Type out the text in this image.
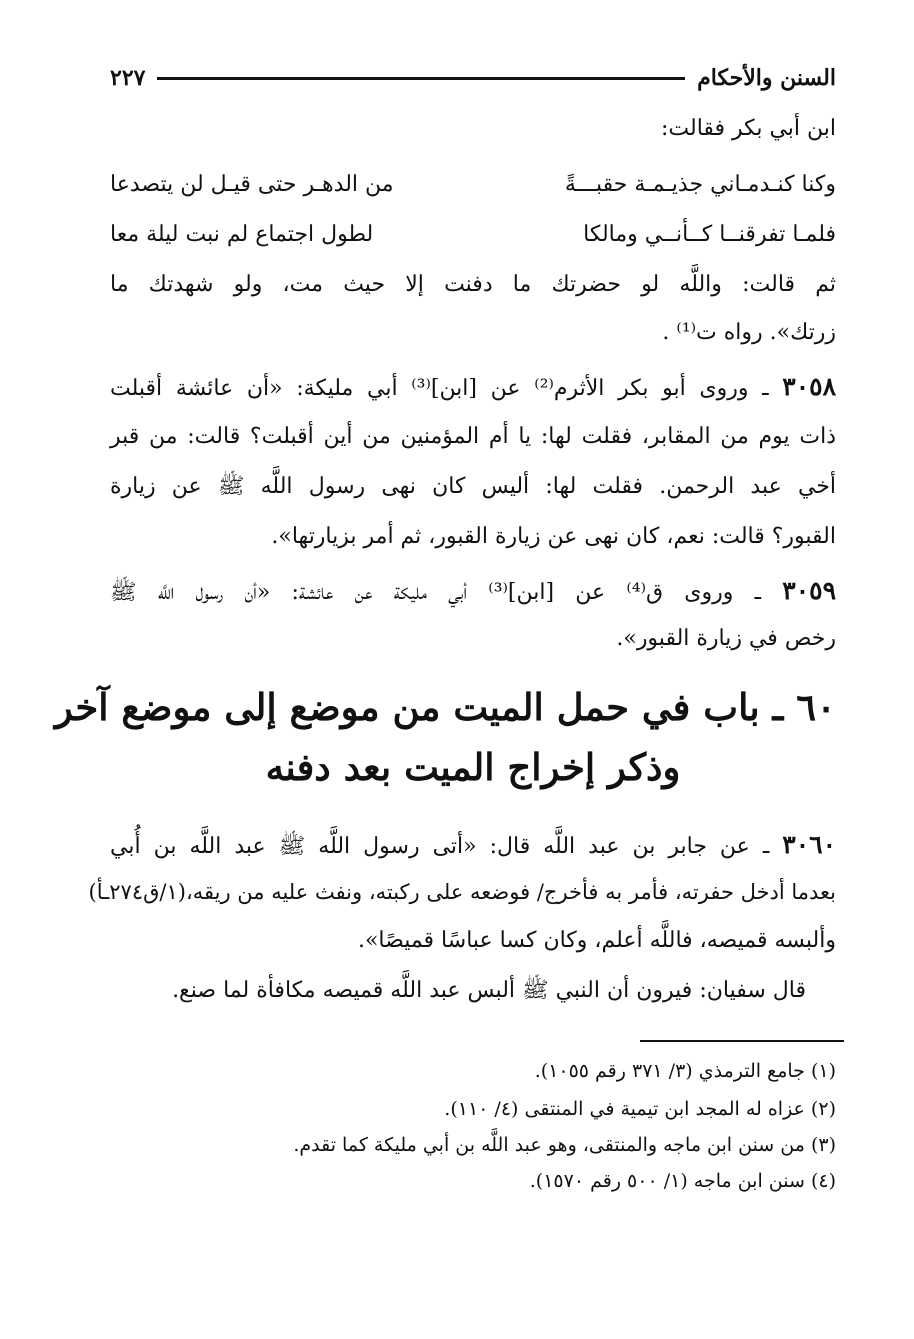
السنن والأحكام
٢٢٧
ابن أبي بكر فقالت:
وكنا كنـدمـاني جذيـمـة حقبـــةً
من الدهـر حتى قيـل لن يتصدعا
فلمـا تفرقنــا كــأنــي ومالكا
لطول اجتماع لم نبت ليلة معا
ثم قالت: واللَّه لو حضرتك ما دفنت إلا حيث مت، ولو شهدتك ما
زرتك». رواه ت⁽¹⁾ .
٣٠٥٨ ـ وروى أبو بكر الأثرم⁽²⁾ عن [ابن]⁽³⁾ أبي مليكة: «أن عائشة أقبلت
ذات يوم من المقابر، فقلت لها: يا أم المؤمنين من أين أقبلت؟ قالت: من قبر
أخي عبد الرحمن. فقلت لها: أليس كان نهى رسول اللَّه ﷺ عن زيارة
القبور؟ قالت: نعم، كان نهى عن زيارة القبور، ثم أمر بزيارتها».
٣٠٥٩ ـ وروى ق⁽⁴⁾ عن [ابن]⁽³⁾ أبي مليكة عن عائشة: «أن رسول اللَّه ﷺ
رخص في زيارة القبور».
٦٠ ـ باب في حمل الميت من موضع إلى موضع آخر
وذكر إخراج الميت بعد دفنه
٣٠٦٠ ـ عن جابر بن عبد اللَّه قال: «أتى رسول اللَّه ﷺ عبد اللَّه بن أُبي
بعدما أدخل حفرته، فأمر به فأخرج/ فوضعه على ركبته، ونفث عليه من ريقه،(١/ق٢٧٤ـأ)
وألبسه قميصه، فاللَّه أعلم، وكان كسا عباسًا قميصًا».
قال سفيان: فيرون أن النبي ﷺ ألبس عبد اللَّه قميصه مكافأة لما صنع.
(١) جامع الترمذي (٣/ ٣٧١ رقم ١٠٥٥).
(٢) عزاه له المجد ابن تيمية في المنتقى (٤/ ١١٠).
(٣) من سنن ابن ماجه والمنتقى، وهو عبد اللَّه بن أبي مليكة كما تقدم.
(٤) سنن ابن ماجه (١/ ٥٠٠ رقم ١٥٧٠).
